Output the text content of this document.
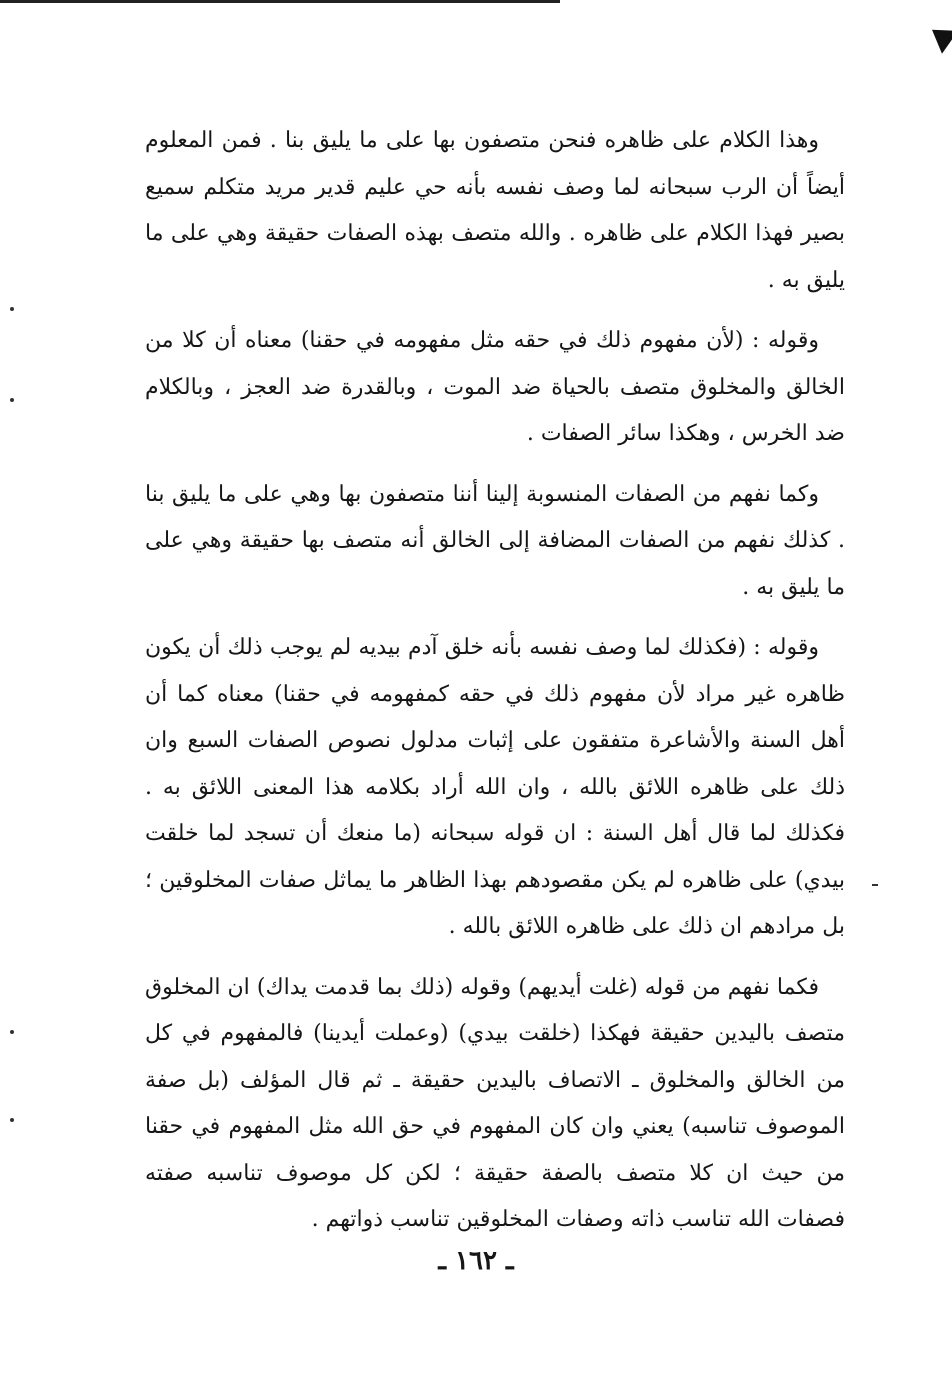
وهذا الكلام على ظاهره فنحن متصفون بها على ما يليق بنا . فمن المعلوم أيضاً أن الرب سبحانه لما وصف نفسه بأنه حي عليم قدير مريد متكلم سميع بصير فهذا الكلام على ظاهره . والله متصف بهذه الصفات حقيقة وهي على ما يليق به .

وقوله : (لأن مفهوم ذلك في حقه مثل مفهومه في حقنا) معناه أن كلا من الخالق والمخلوق متصف بالحياة ضد الموت ، وبالقدرة ضد العجز ، وبالكلام ضد الخرس ، وهكذا سائر الصفات .

وكما نفهم من الصفات المنسوبة إلينا أننا متصفون بها وهي على ما يليق بنا . كذلك نفهم من الصفات المضافة إلى الخالق أنه متصف بها حقيقة وهي على ما يليق به .

وقوله : (فكذلك لما وصف نفسه بأنه خلق آدم بيديه لم يوجب ذلك أن يكون ظاهره غير مراد لأن مفهوم ذلك في حقه كمفهومه في حقنا) معناه كما أن أهل السنة والأشاعرة متفقون على إثبات مدلول نصوص الصفات السبع وان ذلك على ظاهره اللائق بالله ، وان الله أراد بكلامه هذا المعنى اللائق به . فكذلك لما قال أهل السنة : ان قوله سبحانه (ما منعك أن تسجد لما خلقت بيدي) على ظاهره لم يكن مقصودهم بهذا الظاهر ما يماثل صفات المخلوقين ؛ بل مرادهم ان ذلك على ظاهره اللائق بالله .

فكما نفهم من قوله (غلت أيديهم) وقوله (ذلك بما قدمت يداك) ان المخلوق متصف باليدين حقيقة فهكذا (خلقت بيدي) (وعملت أيدينا) فالمفهوم في كل من الخالق والمخلوق ـ الاتصاف باليدين حقيقة ـ ثم قال المؤلف (بل صفة الموصوف تناسبه) يعني وان كان المفهوم في حق الله مثل المفهوم في حقنا من حيث ان كلا متصف بالصفة حقيقة ؛ لكن كل موصوف تناسبه صفته فصفات الله تناسب ذاته وصفات المخلوقين تناسب ذواتهم .

ـ ١٦٢ ـ
